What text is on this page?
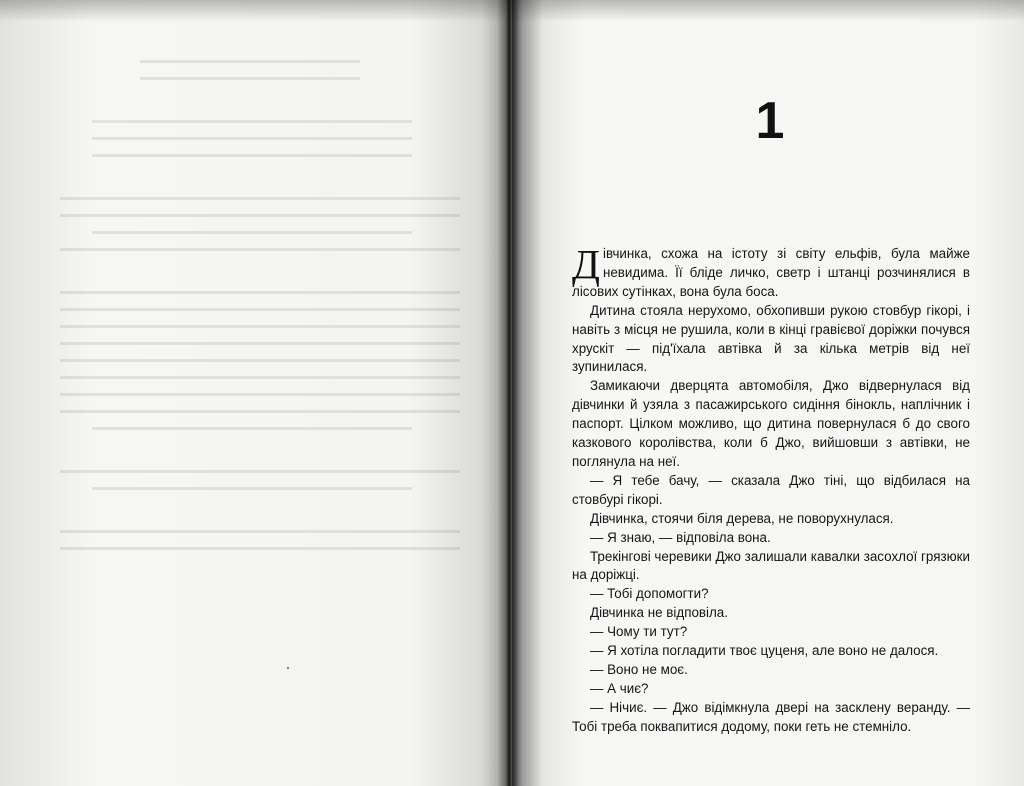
1

Дівчинка, схожа на істоту зі світу ельфів, була майже невидима. Її бліде личко, светр і штанці розчинялися в лісових сутінках, вона була боса.

Дитина стояла нерухомо, обхопивши рукою стовбур гікорі, і навіть з місця не рушила, коли в кінці гравієвої доріжки почувся хрускіт — під'їхала автівка й за кілька метрів від неї зупинилася.

Замикаючи дверцята автомобіля, Джо відвернулася від дівчинки й узяла з пасажирського сидіння бінокль, наплічник і паспорт. Цілком можливо, що дитина повернулася б до свого казкового королівства, коли б Джо, вийшовши з автівки, не поглянула на неї.

— Я тебе бачу, — сказала Джо тіні, що відбилася на стовбурі гікорі.

Дівчинка, стоячи біля дерева, не поворухнулася.

— Я знаю, — відповіла вона.

Трекінгові черевики Джо залишали кавалки засохлої грязюки на доріжці.

— Тобі допомогти?

Дівчинка не відповіла.

— Чому ти тут?

— Я хотіла погладити твоє цуценя, але воно не далося.

— Воно не моє.

— А чиє?

— Нічиє. — Джо відімкнула двері на засклену веранду. — Тобі треба поквапитися додому, поки геть не стемніло.
